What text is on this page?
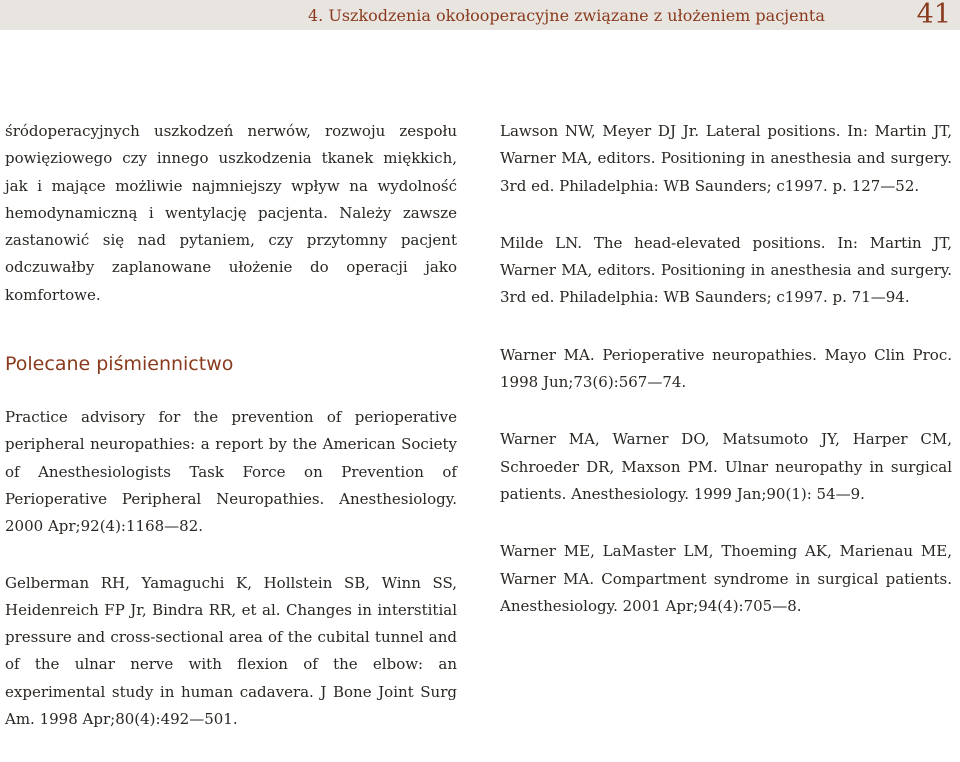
4. Uszkodzenia okołooperacyjne związane z ułożeniem pacjenta	41

śródoperacyjnych uszkodzeń nerwów, rozwoju zespołu powięziowego czy innego uszkodzenia tkanek miękkich, jak i mające możliwie najmniejszy wpływ na wydolność hemodynamiczną i wentylację pacjenta. Należy zawsze zastanowić się nad pytaniem, czy przytomny pacjent odczuwałby zaplanowane ułożenie do operacji jako komfortowe.

Polecane piśmiennictwo

Practice advisory for the prevention of perioperative peripheral neuropathies: a report by the American Society of Anesthesiologists Task Force on Prevention of Perioperative Peripheral Neuropathies. Anesthesiology. 2000 Apr;92(4):1168—82.

Gelberman RH, Yamaguchi K, Hollstein SB, Winn SS, Heidenreich FP Jr, Bindra RR, et al. Changes in interstitial pressure and cross-sectional area of the cubital tunnel and of the ulnar nerve with flexion of the elbow: an experimental study in human cadavera. J Bone Joint Surg Am. 1998 Apr;80(4):492—501.

Lawson NW, Meyer DJ Jr. Lateral positions. In: Martin JT, Warner MA, editors. Positioning in anesthesia and surgery. 3rd ed. Philadelphia: WB Saunders; c1997. p. 127—52.

Milde LN. The head-elevated positions. In: Martin JT, Warner MA, editors. Positioning in anesthesia and surgery. 3rd ed. Philadelphia: WB Saunders; c1997. p. 71—94.

Warner MA. Perioperative neuropathies. Mayo Clin Proc. 1998 Jun;73(6):567—74.

Warner MA, Warner DO, Matsumoto JY, Harper CM, Schroeder DR, Maxson PM. Ulnar neuropathy in surgical patients. Anesthesiology. 1999 Jan;90(1): 54—9.

Warner ME, LaMaster LM, Thoeming AK, Marienau ME, Warner MA. Compartment syndrome in surgical patients. Anesthesiology. 2001 Apr;94(4):705—8.
